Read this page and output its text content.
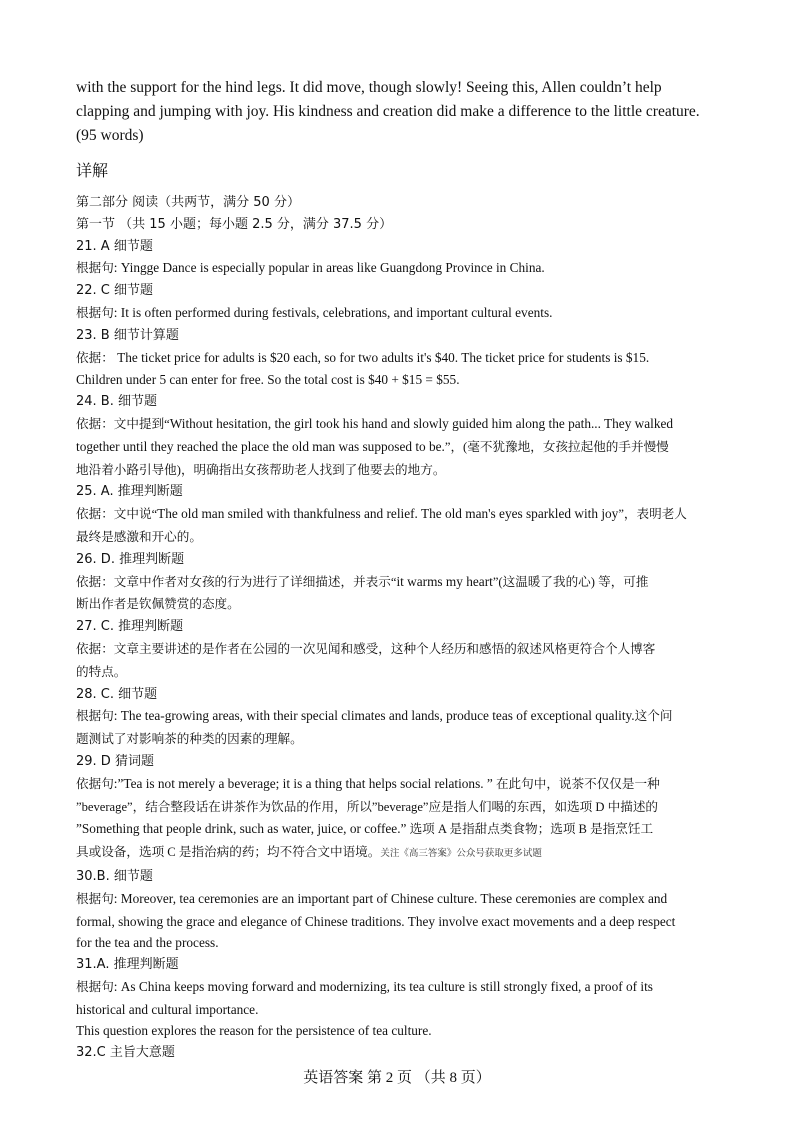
with the support for the hind legs. It did move, though slowly! Seeing this, Allen couldn’t help

clapping and jumping with joy. His kindness and creation did make a difference to the little creature.

(95 words)

详解
第二部分 阅读（共两节，满分 50 分）
第一节 （共 15 小题；每小题 2.5 分，满分 37.5 分）
21. A 细节题
根据句: Yingge Dance is especially popular in areas like Guangdong Province in China.
22. C 细节题
根据句: It is often performed during festivals, celebrations, and important cultural events.
23. B 细节计算题
依据： The ticket price for adults is $20 each, so for two adults it's $40. The ticket price for students is $15.
Children under 5 can enter for free. So the total cost is $40 + $15 = $55.
24. B. 细节题
依据：文中提到“Without hesitation, the girl took his hand and slowly guided him along the path... They walked
together until they reached the place the old man was supposed to be.”，(毫不犹豫地，女孩拉起他的手并慢慢
地沿着小路引导他)，明确指出女孩帮助老人找到了他要去的地方。
25. A. 推理判断题
依据：文中说“The old man smiled with thankfulness and relief. The old man's eyes sparkled with joy”，表明老人
最终是感激和开心的。
26. D. 推理判断题
依据：文章中作者对女孩的行为进行了详细描述，并表示“it warms my heart”(这温暖了我的心) 等，可推
断出作者是钦佩赞赏的态度。
27. C. 推理判断题
依据：文章主要讲述的是作者在公园的一次见闻和感受，这种个人经历和感悟的叙述风格更符合个人博客
的特点。
28. C. 细节题
根据句: The tea-growing areas, with their special climates and lands, produce teas of exceptional quality.这个问
题测试了对影响茶的种类的因素的理解。
29. D 猜词题
依据句:”Tea is not merely a beverage; it is a thing that helps social relations. ” 在此句中，说茶不仅仅是一种
”beverage”，结合整段话在讲茶作为饮品的作用，所以”beverage”应是指人们喝的东西，如选项 D 中描述的
”Something that people drink, such as water, juice, or coffee.” 选项 A 是指甜点类食物；选项 B 是指烹饪工
具或设备，选项 C 是指治病的药；均不符合文中语境。关注《高三答案》公众号获取更多试题
30.B. 细节题
根据句: Moreover, tea ceremonies are an important part of Chinese culture. These ceremonies are complex and
formal, showing the grace and elegance of Chinese traditions. They involve exact movements and a deep respect
for the tea and the process.
31.A. 推理判断题
根据句: As China keeps moving forward and modernizing, its tea culture is still strongly fixed, a proof of its
historical and cultural importance.
This question explores the reason for the persistence of tea culture.
32.C 主旨大意题
英语答案 第 2 页 （共 8 页）
